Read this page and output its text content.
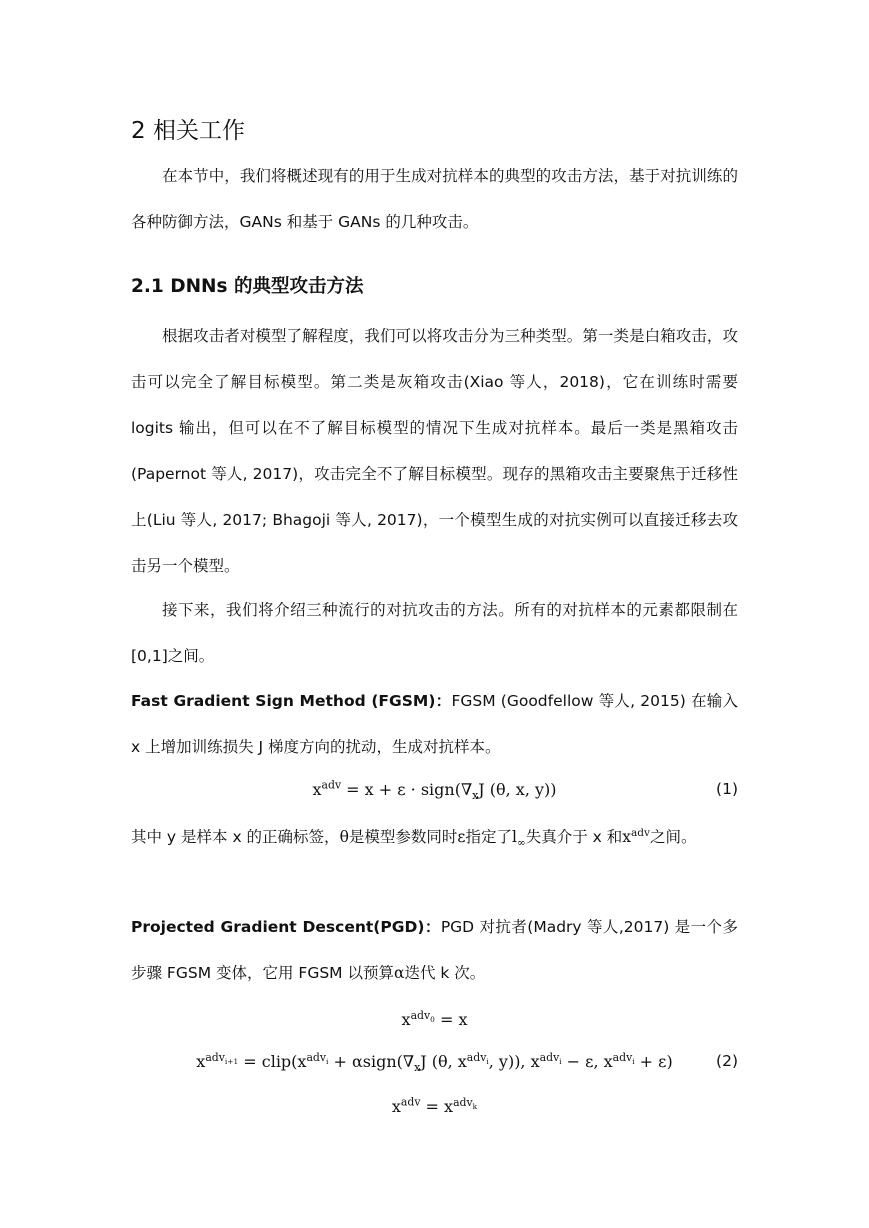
2 相关工作

在本节中，我们将概述现有的用于生成对抗样本的典型的攻击方法，基于对抗训练的各种防御方法，GANs 和基于 GANs 的几种攻击。

2.1 DNNs 的典型攻击方法

根据攻击者对模型了解程度，我们可以将攻击分为三种类型。第一类是白箱攻击，攻击可以完全了解目标模型。第二类是灰箱攻击(Xiao 等人，2018)，它在训练时需要 logits 输出，但可以在不了解目标模型的情况下生成对抗样本。最后一类是黑箱攻击(Papernot 等人, 2017)，攻击完全不了解目标模型。现存的黑箱攻击主要聚焦于迁移性上(Liu 等人, 2017; Bhagoji 等人, 2017)，一个模型生成的对抗实例可以直接迁移去攻击另一个模型。

接下来，我们将介绍三种流行的对抗攻击的方法。所有的对抗样本的元素都限制在[0,1]之间。

Fast Gradient Sign Method (FGSM)：FGSM (Goodfellow 等人, 2015) 在输入 x 上增加训练损失 J 梯度方向的扰动，生成对抗样本。

$x^{adv} = x + \varepsilon$ · $sign(\nabla_xJ$ (θ, x, y))	(1)

其中 y 是样本 x 的正确标签，θ是模型参数同时ε指定了$l_\infty$失真介于 x 和$x^{adv}$之间。

Projected Gradient Descent(PGD)：PGD 对抗者(Madry 等人,2017) 是一个多步骤 FGSM 变体，它用 FGSM 以预算α迭代 k 次。

$x^{adv_0} = x$
$x^{adv_{i+1}}$ = $clip(x^{adv_i}$ + $\alpha sign(\nabla_xJ$ (θ, $x^{adv_i}$, y)), $x^{adv_i} - \varepsilon$, $x^{adv_i} + \varepsilon$)	(2)
$x^{adv} = x^{adv_k}$
